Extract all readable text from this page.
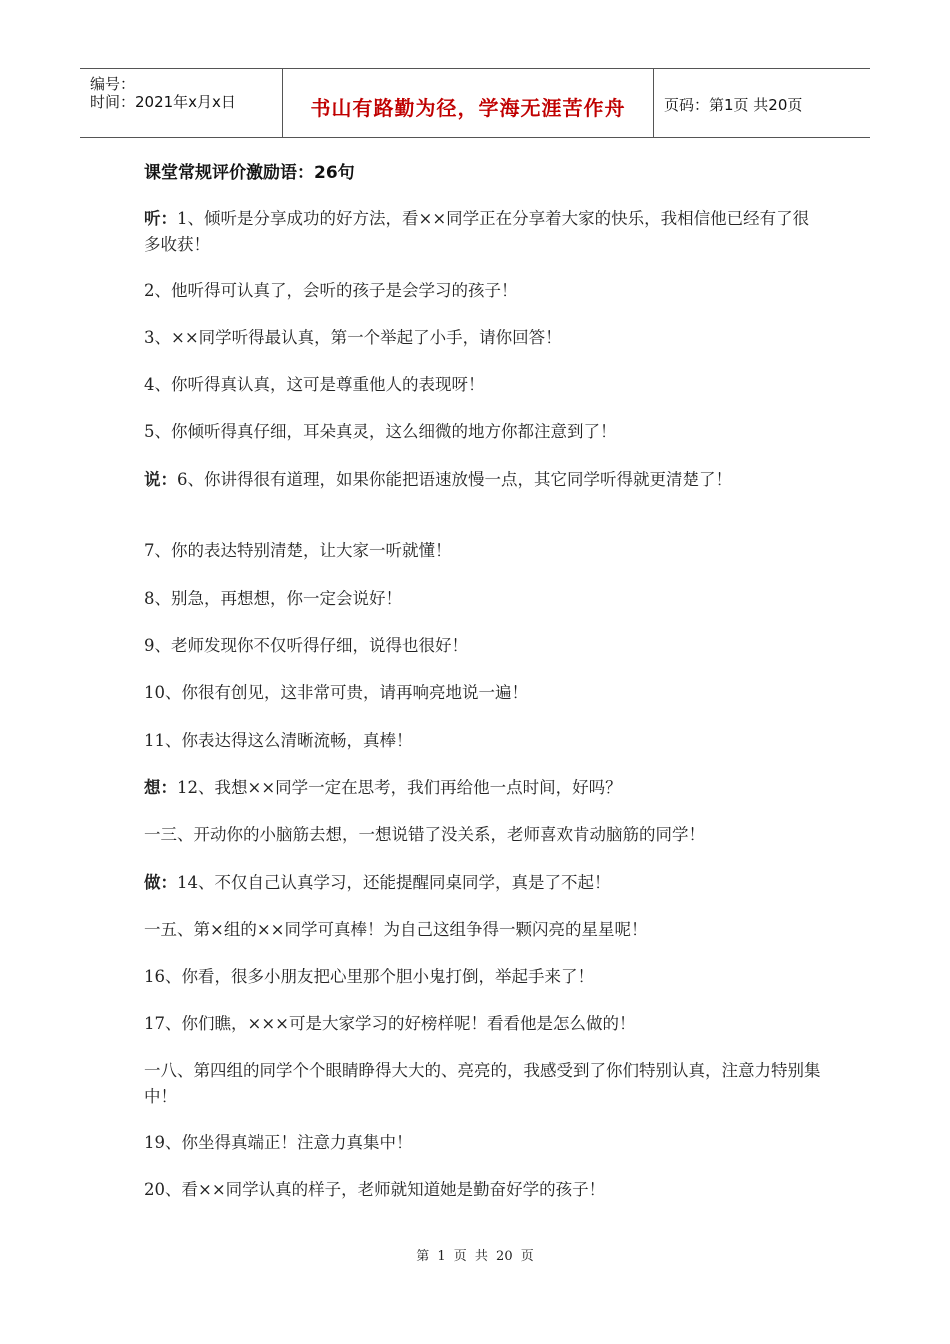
编号：
时间：2021年x月x日	书山有路勤为径，学海无涯苦作舟	页码：第1页 共20页
课堂常规评价激励语：26句
听：1、倾听是分享成功的好方法，看××同学正在分享着大家的快乐，我相信他已经有了很多收获！
2、他听得可认真了，会听的孩子是会学习的孩子！
3、××同学听得最认真，第一个举起了小手，请你回答！
4、你听得真认真，这可是尊重他人的表现呀！
5、你倾听得真仔细，耳朵真灵，这么细微的地方你都注意到了！
说：6、你讲得很有道理，如果你能把语速放慢一点，其它同学听得就更清楚了！
7、你的表达特别清楚，让大家一听就懂！
8、别急，再想想，你一定会说好！
9、老师发现你不仅听得仔细，说得也很好！
10、你很有创见，这非常可贵，请再响亮地说一遍！
11、你表达得这么清晰流畅，真棒！
想：12、我想××同学一定在思考，我们再给他一点时间，好吗？
一三、开动你的小脑筋去想，一想说错了没关系，老师喜欢肯动脑筋的同学！
做：14、不仅自己认真学习，还能提醒同桌同学，真是了不起！
一五、第×组的××同学可真棒！为自己这组争得一颗闪亮的星星呢！
16、你看，很多小朋友把心里那个胆小鬼打倒，举起手来了！
17、你们瞧，×××可是大家学习的好榜样呢！看看他是怎么做的！
一八、第四组的同学个个眼睛睁得大大的、亮亮的，我感受到了你们特别认真，注意力特别集中！
19、你坐得真端正！注意力真集中！
20、看××同学认真的样子，老师就知道她是勤奋好学的孩子！
第 1 页 共 20 页
